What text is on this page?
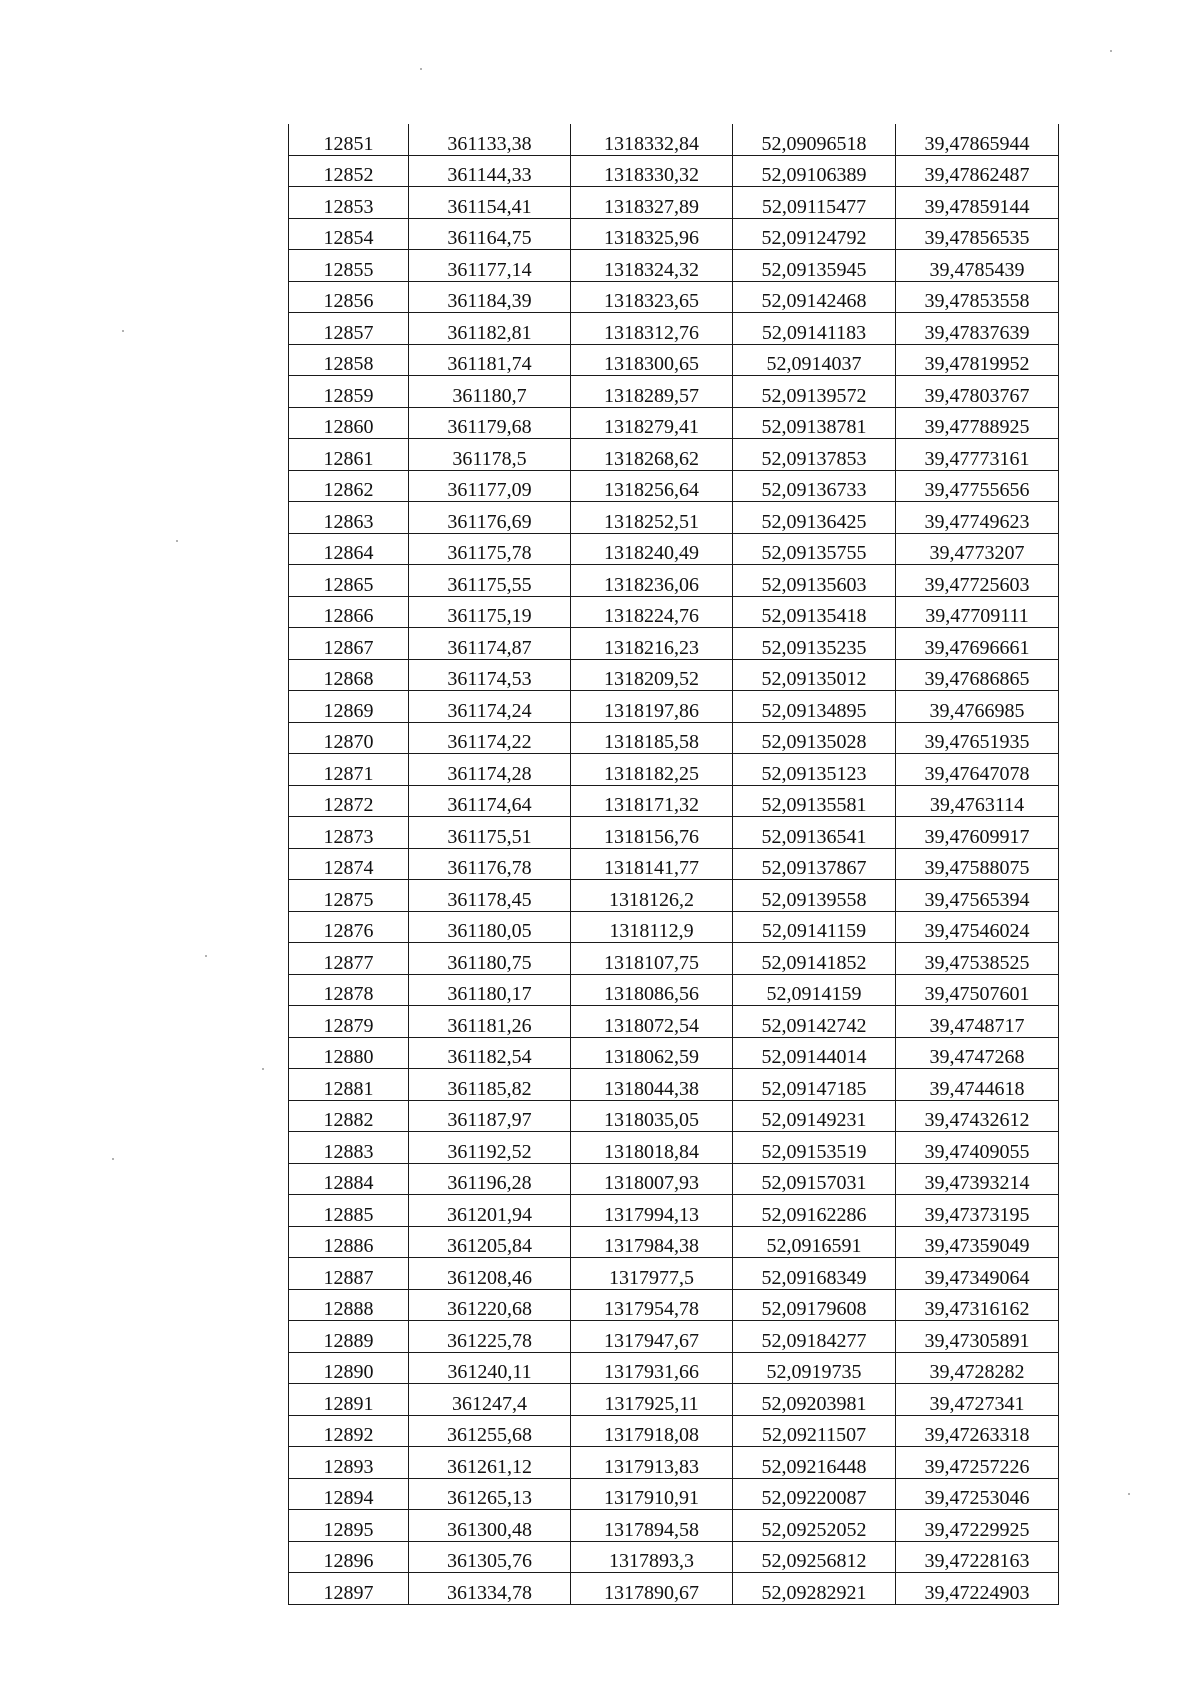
12851	361133,38	1318332,84	52,09096518	39,47865944
12852	361144,33	1318330,32	52,09106389	39,47862487
12853	361154,41	1318327,89	52,09115477	39,47859144
12854	361164,75	1318325,96	52,09124792	39,47856535
12855	361177,14	1318324,32	52,09135945	39,4785439
12856	361184,39	1318323,65	52,09142468	39,47853558
12857	361182,81	1318312,76	52,09141183	39,47837639
12858	361181,74	1318300,65	52,0914037	39,47819952
12859	361180,7	1318289,57	52,09139572	39,47803767
12860	361179,68	1318279,41	52,09138781	39,47788925
12861	361178,5	1318268,62	52,09137853	39,47773161
12862	361177,09	1318256,64	52,09136733	39,47755656
12863	361176,69	1318252,51	52,09136425	39,47749623
12864	361175,78	1318240,49	52,09135755	39,4773207
12865	361175,55	1318236,06	52,09135603	39,47725603
12866	361175,19	1318224,76	52,09135418	39,47709111
12867	361174,87	1318216,23	52,09135235	39,47696661
12868	361174,53	1318209,52	52,09135012	39,47686865
12869	361174,24	1318197,86	52,09134895	39,4766985
12870	361174,22	1318185,58	52,09135028	39,47651935
12871	361174,28	1318182,25	52,09135123	39,47647078
12872	361174,64	1318171,32	52,09135581	39,4763114
12873	361175,51	1318156,76	52,09136541	39,47609917
12874	361176,78	1318141,77	52,09137867	39,47588075
12875	361178,45	1318126,2	52,09139558	39,47565394
12876	361180,05	1318112,9	52,09141159	39,47546024
12877	361180,75	1318107,75	52,09141852	39,47538525
12878	361180,17	1318086,56	52,0914159	39,47507601
12879	361181,26	1318072,54	52,09142742	39,4748717
12880	361182,54	1318062,59	52,09144014	39,4747268
12881	361185,82	1318044,38	52,09147185	39,4744618
12882	361187,97	1318035,05	52,09149231	39,47432612
12883	361192,52	1318018,84	52,09153519	39,47409055
12884	361196,28	1318007,93	52,09157031	39,47393214
12885	361201,94	1317994,13	52,09162286	39,47373195
12886	361205,84	1317984,38	52,0916591	39,47359049
12887	361208,46	1317977,5	52,09168349	39,47349064
12888	361220,68	1317954,78	52,09179608	39,47316162
12889	361225,78	1317947,67	52,09184277	39,47305891
12890	361240,11	1317931,66	52,0919735	39,4728282
12891	361247,4	1317925,11	52,09203981	39,4727341
12892	361255,68	1317918,08	52,09211507	39,47263318
12893	361261,12	1317913,83	52,09216448	39,47257226
12894	361265,13	1317910,91	52,09220087	39,47253046
12895	361300,48	1317894,58	52,09252052	39,47229925
12896	361305,76	1317893,3	52,09256812	39,47228163
12897	361334,78	1317890,67	52,09282921	39,47224903
